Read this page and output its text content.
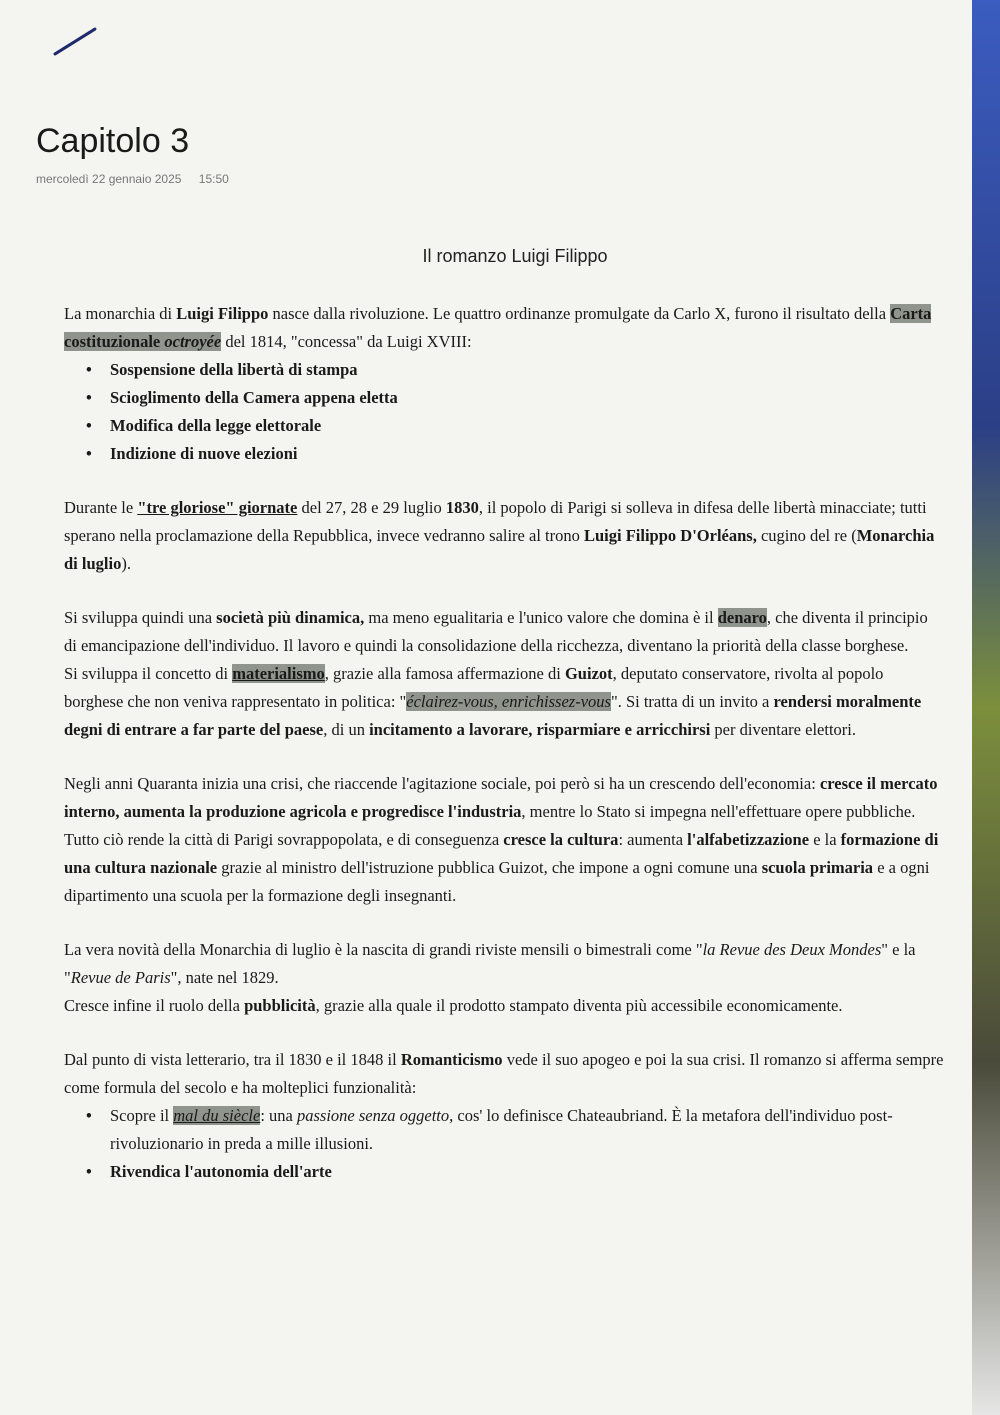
Capitolo 3
mercoledì 22 gennaio 2025 15:50
Il romanzo Luigi Filippo

La monarchia di Luigi Filippo nasce dalla rivoluzione. Le quattro ordinanze promulgate da Carlo X, furono il risultato della Carta costituzionale octroyée del 1814, "concessa" da Luigi XVIII:

• Sospensione della libertà di stampa
• Scioglimento della Camera appena eletta
• Modifica della legge elettorale
• Indizione di nuove elezioni

Durante le "tre gloriose" giornate del 27, 28 e 29 luglio 1830, il popolo di Parigi si solleva in difesa delle libertà minacciate; tutti sperano nella proclamazione della Repubblica, invece vedranno salire al trono Luigi Filippo D'Orléans, cugino del re (Monarchia di luglio).

Si sviluppa quindi una società più dinamica, ma meno egualitaria e l'unico valore che domina è il denaro, che diventa il principio di emancipazione dell'individuo. Il lavoro e quindi la consolidazione della ricchezza, diventano la priorità della classe borghese.

Si sviluppa il concetto di materialismo, grazie alla famosa affermazione di Guizot, deputato conservatore, rivolta al popolo borghese che non veniva rappresentato in politica: "éclairez-vous, enrichissez-vous". Si tratta di un invito a rendersi moralmente degni di entrare a far parte del paese, di un incitamento a lavorare, risparmiare e arricchirsi per diventare elettori.

Negli anni Quaranta inizia una crisi, che riaccende l'agitazione sociale, poi però si ha un crescendo dell'economia: cresce il mercato interno, aumenta la produzione agricola e progredisce l'industria, mentre lo Stato si impegna nell'effettuare opere pubbliche. Tutto ciò rende la città di Parigi sovrappopolata, e di conseguenza cresce la cultura: aumenta l'alfabetizzazione e la formazione di una cultura nazionale grazie al ministro dell'istruzione pubblica Guizot, che impone a ogni comune una scuola primaria e a ogni dipartimento una scuola per la formazione degli insegnanti.

La vera novità della Monarchia di luglio è la nascita di grandi riviste mensili o bimestrali come "la Revue des Deux Mondes" e la "Revue de Paris", nate nel 1829.

Cresce infine il ruolo della pubblicità, grazie alla quale il prodotto stampato diventa più accessibile economicamente.

Dal punto di vista letterario, tra il 1830 e il 1848 il Romanticismo vede il suo apogeo e poi la sua crisi. Il romanzo si afferma sempre come formula del secolo e ha molteplici funzionalità:

• Scopre il mal du siècle: una passione senza oggetto, cos' lo definisce Chateaubriand. È la metafora dell'individuo post-rivoluzionario in preda a mille illusioni.
• Rivendica l'autonomia dell'arte
